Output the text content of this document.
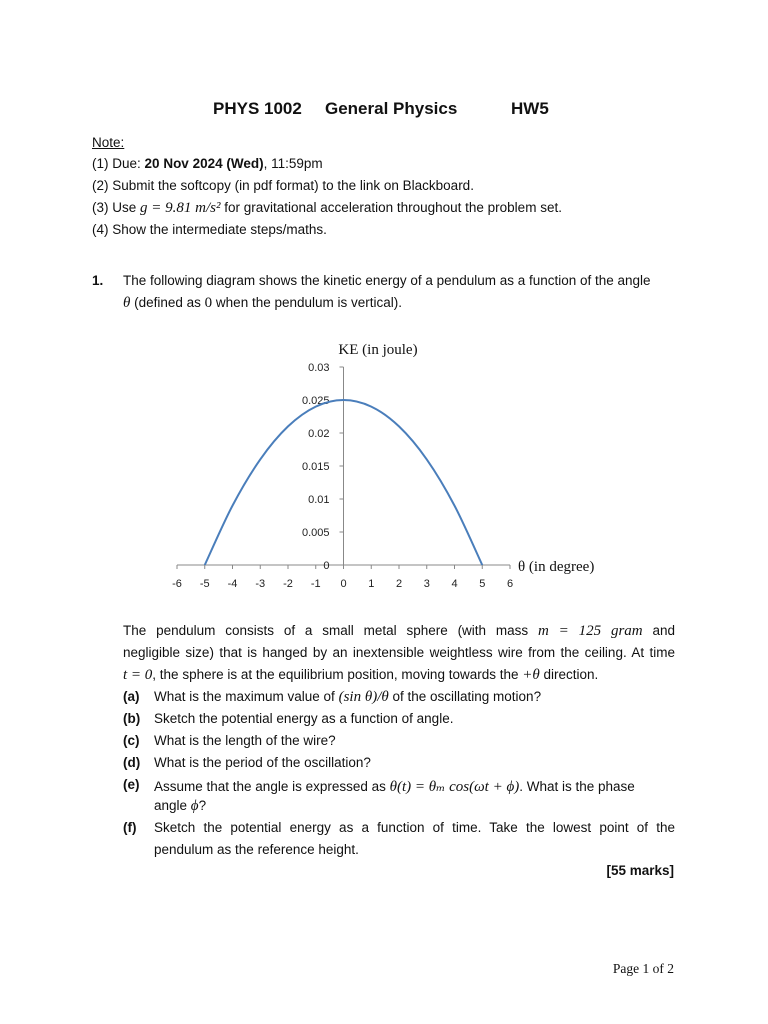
PHYS 1002 General Physics	HW5
Note:
(1) Due: 20 Nov 2024 (Wed), 11:59pm
(2) Submit the softcopy (in pdf format) to the link on Blackboard.
(3) Use g = 9.81 m/s² for gravitational acceleration throughout the problem set.
(4) Show the intermediate steps/maths.
1. The following diagram shows the kinetic energy of a pendulum as a function of the angle
θ (defined as 0 when the pendulum is vertical).
KE (in joule)
θ (in degree)
0
0.005
0.01
0.015
0.02
0.025
0.03
-6 -5 -4 -3 -2 -1 0 1 2 3 4 5 6
The pendulum consists of a small metal sphere (with mass m = 125 gram and
negligible size) that is hanged by an inextensible weightless wire from the ceiling. At time
t = 0, the sphere is at the equilibrium position, moving towards the +θ direction.
(a) What is the maximum value of (sin θ)/θ of the oscillating motion?
(b) Sketch the potential energy as a function of angle.
(c) What is the length of the wire?
(d) What is the period of the oscillation?
(e) Assume that the angle is expressed as θ(t) = θₘ cos(ωt + ϕ). What is the phase
angle ϕ?
(f) Sketch the potential energy as a function of time. Take the lowest point of the
pendulum as the reference height.
[55 marks]
Page 1 of 2
